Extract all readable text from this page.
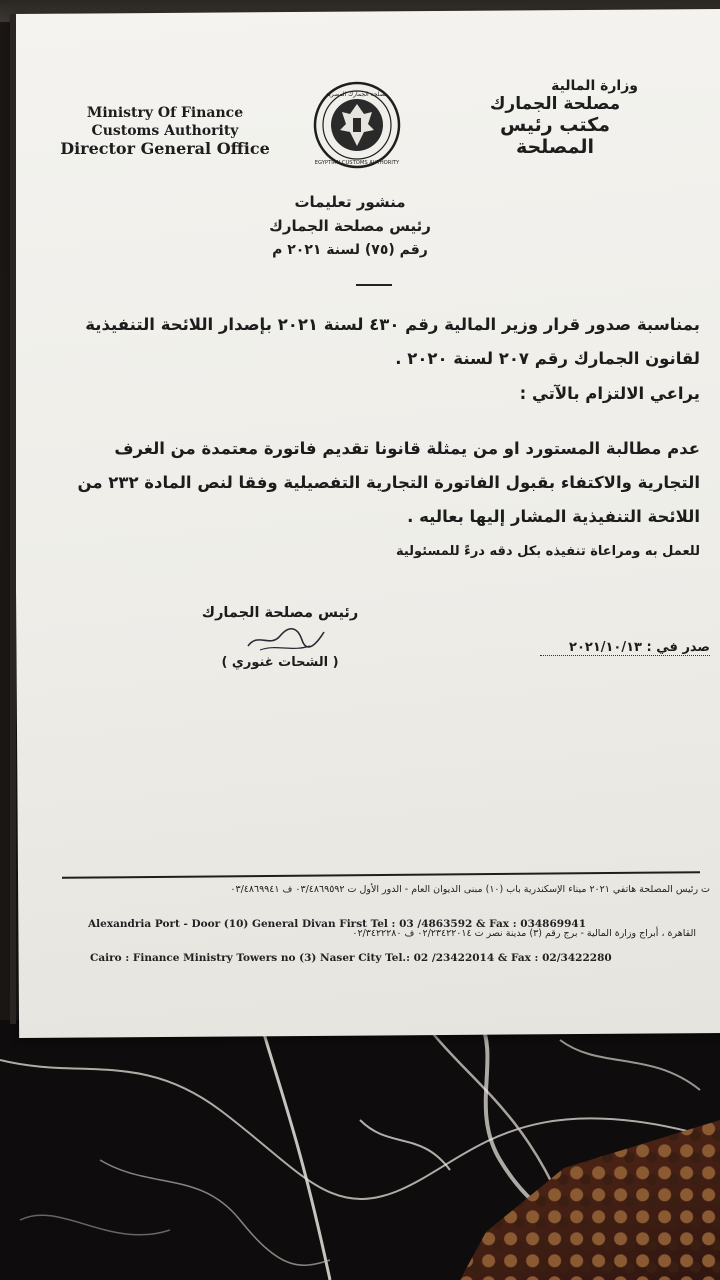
Ministry Of Finance
Customs Authority
Director General Office
مصلحة الجمارك المصرية
EGYPTIAN CUSTOMS AUTHORITY
وزارة المالية
مصلحة الجمارك
مكتب رئيس المصلحة
منشور تعليمات
رئيس مصلحة الجمارك
رقم (٧٥) لسنة ٢٠٢١ م
بمناسبة صدور قرار وزير المالية رقم ٤٣٠ لسنة ٢٠٢١ بإصدار اللائحة التنفيذية لقانون الجمارك رقم ٢٠٧ لسنة ٢٠٢٠ .
يراعي الالتزام بالآتي :
عدم مطالبة المستورد او من يمثلة قانونا تقديم فاتورة معتمدة من الغرف التجارية والاكتفاء بقبول الفاتورة التجارية التفصيلية وفقا لنص المادة ٢٣٢ من اللائحة التنفيذية المشار إليها بعاليه .
للعمل به ومراعاة تنفيذه بكل دقه درءً للمسئولية
رئيس مصلحة الجمارك
( الشحات غنوري )
صدر في : ٢٠٢١/١٠/١٣
ت رئيس المصلحة هاتفي ٢٠٢١ ميناء الإسكندرية باب (١٠) مبنى الديوان العام - الدور الأول ت ٠٣/٤٨٦٩٥٩٢ ف ٠٣/٤٨٦٩٩٤١
Alexandria Port - Door (10) General Divan First Tel : 03 /4863592 & Fax : 034869941
القاهرة ، أبراج وزارة المالية - برج رقم (٣) مدينة نصر ت ٠٢/٢٣٤٢٢٠١٤ ف ٠٢/٣٤٢٢٢٨٠
Cairo : Finance Ministry Towers no (3) Naser City Tel.: 02 /23422014 & Fax : 02/3422280
